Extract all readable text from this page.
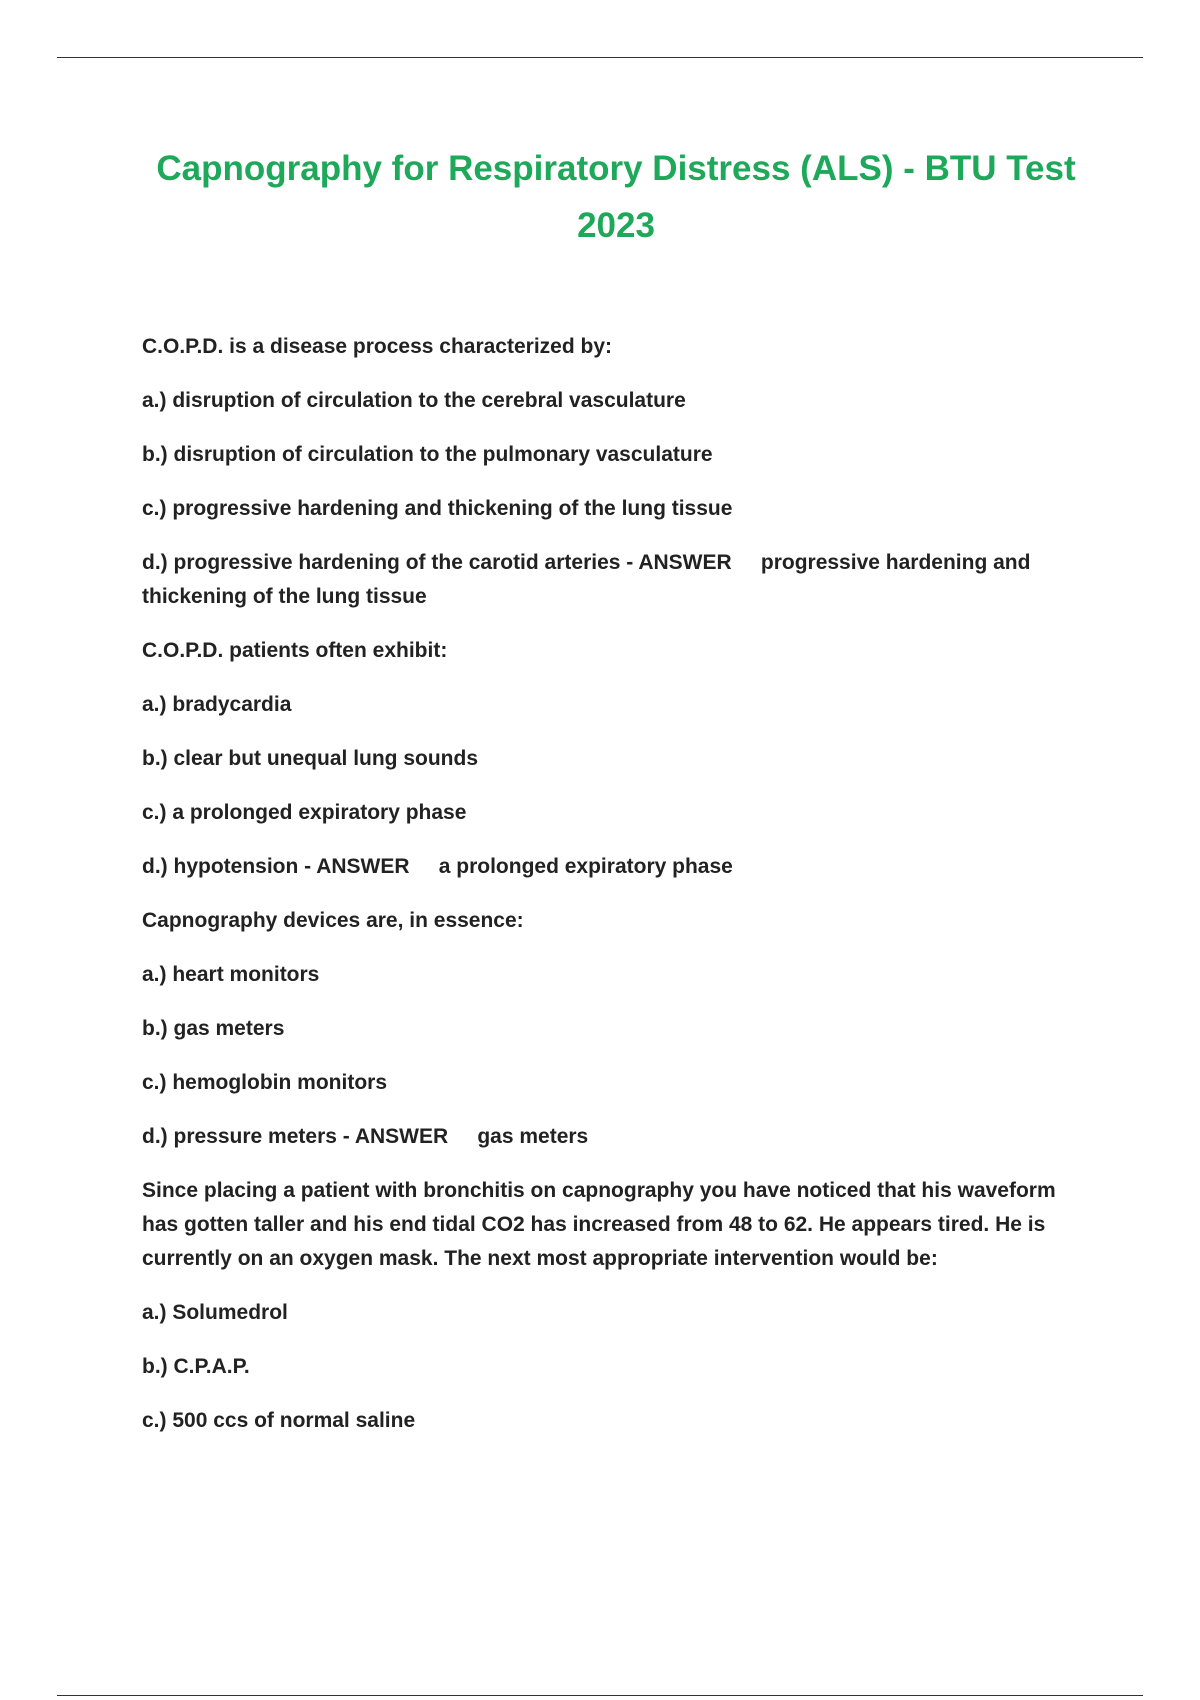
Capnography for Respiratory Distress (ALS) - BTU Test 2023

C.O.P.D. is a disease process characterized by:

a.) disruption of circulation to the cerebral vasculature

b.) disruption of circulation to the pulmonary vasculature

c.) progressive hardening and thickening of the lung tissue

d.) progressive hardening of the carotid arteries - ANSWER progressive hardening and thickening of the lung tissue

C.O.P.D. patients often exhibit:

a.) bradycardia

b.) clear but unequal lung sounds

c.) a prolonged expiratory phase

d.) hypotension - ANSWER a prolonged expiratory phase

Capnography devices are, in essence:

a.) heart monitors

b.) gas meters

c.) hemoglobin monitors

d.) pressure meters - ANSWER gas meters

Since placing a patient with bronchitis on capnography you have noticed that his waveform has gotten taller and his end tidal CO2 has increased from 48 to 62. He appears tired. He is currently on an oxygen mask. The next most appropriate intervention would be:

a.) Solumedrol

b.) C.P.A.P.

c.) 500 ccs of normal saline
